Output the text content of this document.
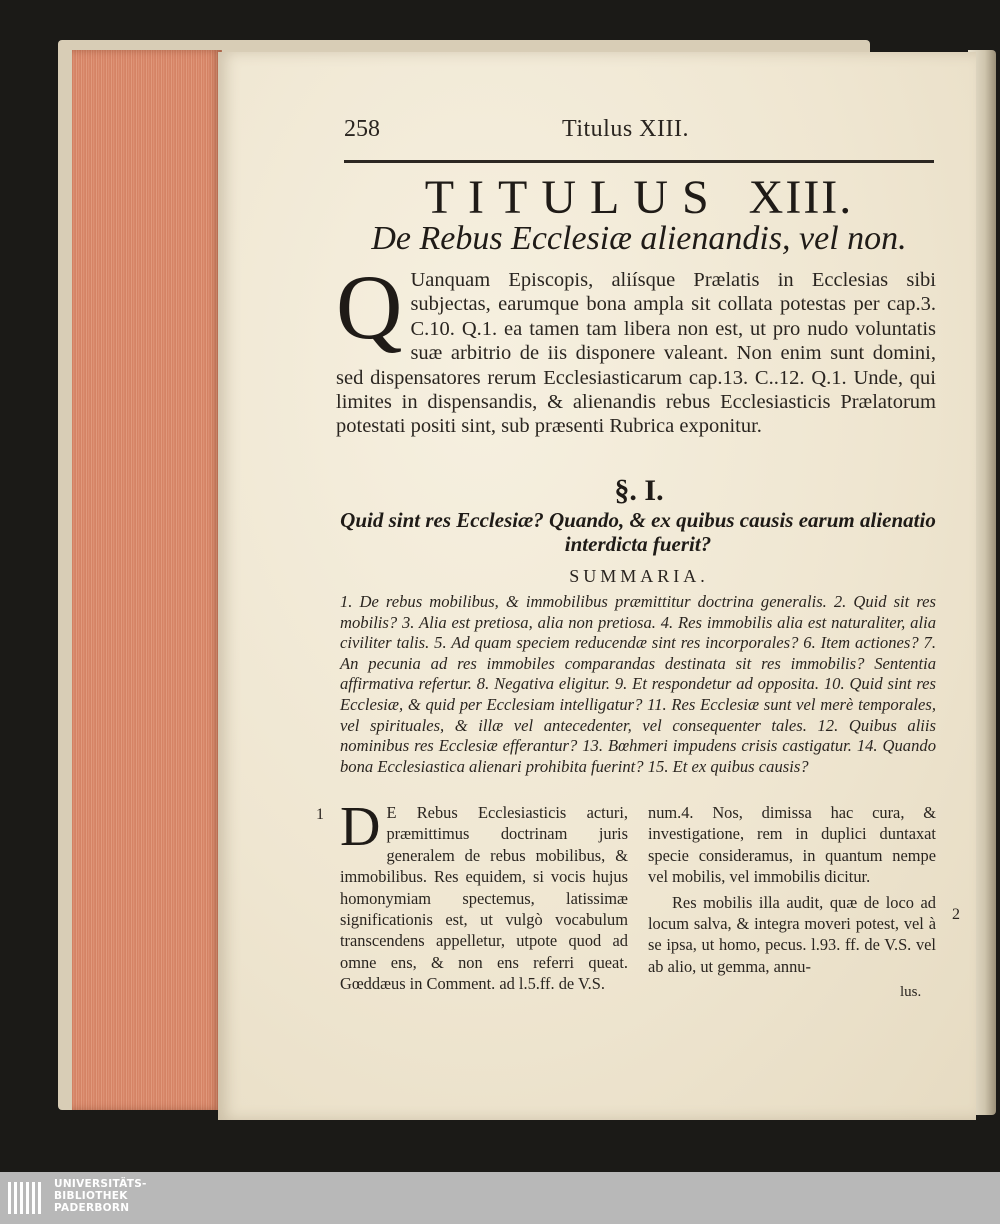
258	Titulus XIII.
TITULUS XIII.
De Rebus Ecclesiæ alienandis, vel non.
Q Uanquam Episcopis, aliísque Prælatis in Ecclesias sibi subjectas, earumque bona ampla sit collata potestas per cap.3. C.10. Q.1. ea tamen tam libera non est, ut pro nudo voluntatis suæ arbitrio de iis disponere valeant. Non enim sunt domini, sed dispensatores rerum Ecclesiasticarum cap.13. C..12. Q.1. Unde, qui limites in dispensandis, & alienandis rebus Ecclesiasticis Prælatorum potestati positi sint, sub præsenti Rubrica exponitur.
§. I.
Quid sint res Ecclesiæ? Quando, & ex quibus causis earum alienatio interdicta fuerit?
SUMMARIA.
1. De rebus mobilibus, & immobilibus præmittitur doctrina generalis. 2. Quid sit res mobilis? 3. Alia est pretiosa, alia non pretiosa. 4. Res immobilis alia est naturaliter, alia civiliter talis. 5. Ad quam speciem reducendæ sint res incorporales? 6. Item actiones? 7. An pecunia ad res immobiles comparandas destinata sit res immobilis? Sententia affirmativa refertur. 8. Negativa eligitur. 9. Et respondetur ad opposita. 10. Quid sint res Ecclesiæ, & quid per Ecclesiam intelligatur? 11. Res Ecclesiæ sunt vel merè temporales, vel spirituales, & illæ vel antecedenter, vel consequenter tales. 12. Quibus aliis nominibus res Ecclesiæ efferantur? 13. Bœhmeri impudens crisis castigatur. 14. Quando bona Ecclesiastica alienari prohibita fuerint? 15. Et ex quibus causis?
1 D E Rebus Ecclesiasticis acturi, præmittimus doctrinam juris generalem de rebus mobilibus, & immobilibus. Res equidem, si vocis hujus homonymiam spectemus, latissimæ significationis est, ut vulgò vocabulum transcendens appelletur, utpote quod ad omne ens, & non ens referri queat. Gœddæus in Comment. ad l.5.ff. de V.S.
num.4. Nos, dimissa hac cura, & investigatione, rem in duplici duntaxat specie consideramus, in quantum nempe vel mobilis, vel immobilis dicitur.
Res mobilis illa audit, quæ de loco ad locum salva, & integra moveri potest, vel à se ipsa, ut homo, pecus. l.93. ff. de V.S. vel ab alio, ut gemma, annu-
2
lus.
UNIVERSITÄTS-
BIBLIOTHEK
PADERBORN
